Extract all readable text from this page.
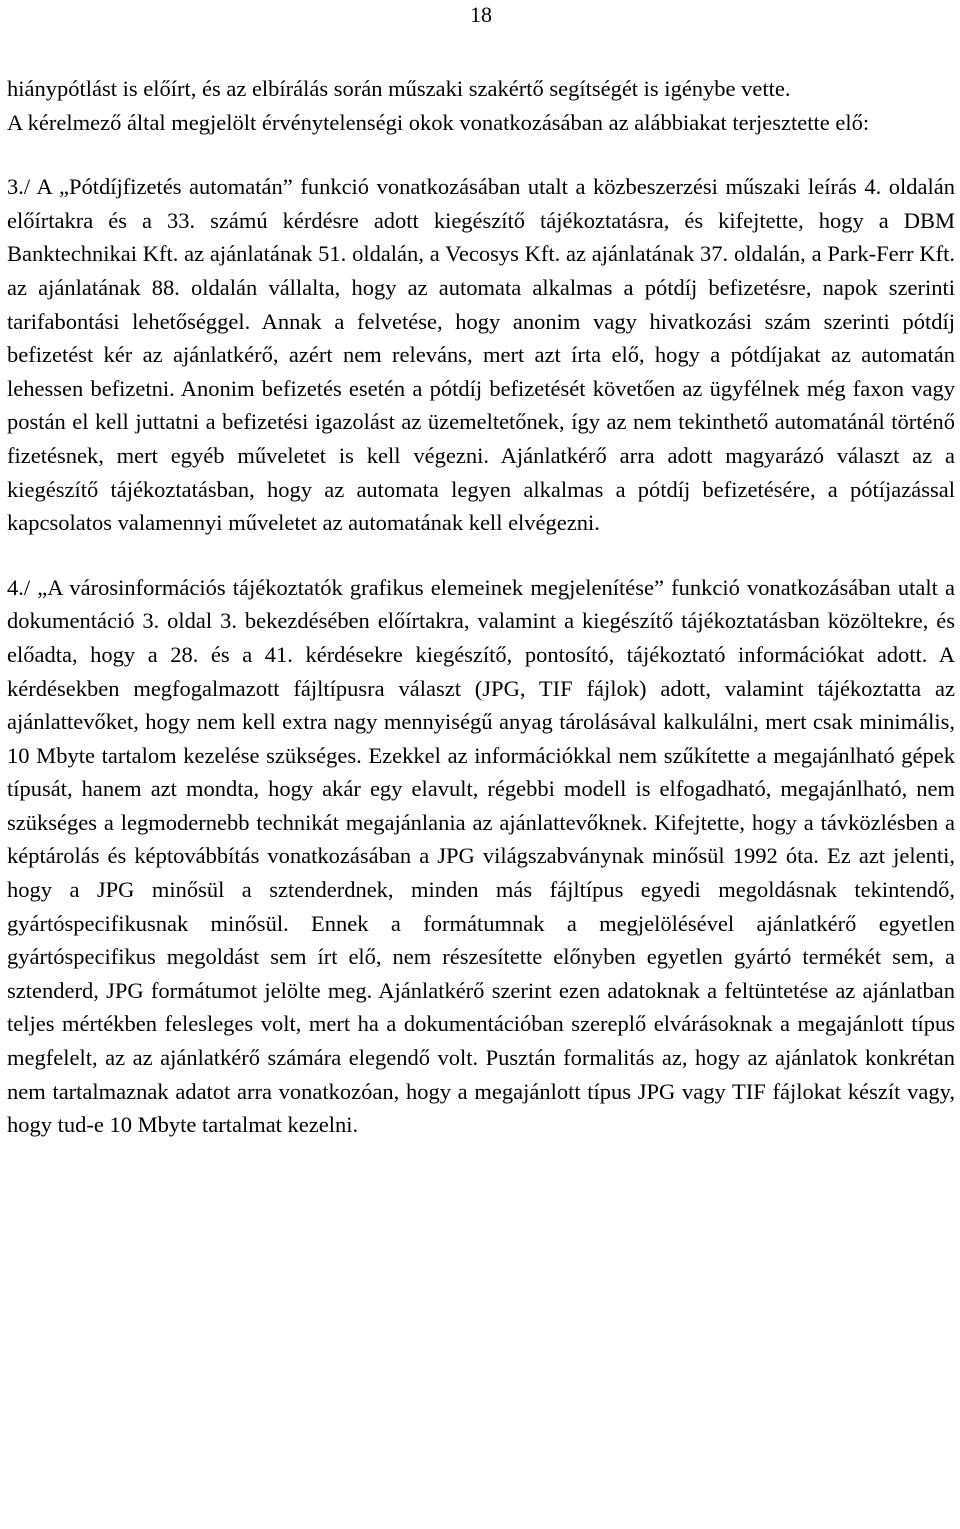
18

hiánypótlást is előírt, és az elbírálás során műszaki szakértő segítségét is igénybe vette.

A kérelmező által megjelölt érvénytelenségi okok vonatkozásában az alábbiakat terjesztette elő:

3./ A „Pótdíjfizetés automatán” funkció vonatkozásában utalt a közbeszerzési műszaki leírás 4. oldalán előírtakra és a 33. számú kérdésre adott kiegészítő tájékoztatásra, és kifejtette, hogy a DBM Banktechnikai Kft. az ajánlatának 51. oldalán, a Vecosys Kft. az ajánlatának 37. oldalán, a Park-Ferr Kft. az ajánlatának 88. oldalán vállalta, hogy az automata alkalmas a pótdíj befizetésre, napok szerinti tarifabontási lehetőséggel. Annak a felvetése, hogy anonim vagy hivatkozási szám szerinti pótdíj befizetést kér az ajánlatkérő, azért nem releváns, mert azt írta elő, hogy a pótdíjakat az automatán lehessen befizetni. Anonim befizetés esetén a pótdíj befizetését követően az ügyfélnek még faxon vagy postán el kell juttatni a befizetési igazolást az üzemeltetőnek, így az nem tekinthető automatánál történő fizetésnek, mert egyéb műveletet is kell végezni. Ajánlatkérő arra adott magyarázó választ az a kiegészítő tájékoztatásban, hogy az automata legyen alkalmas a pótdíj befizetésére, a pótíjazással kapcsolatos valamennyi műveletet az automatának kell elvégezni.

4./ „A városinformációs tájékoztatók grafikus elemeinek megjelenítése” funkció vonatkozásában utalt a dokumentáció 3. oldal 3. bekezdésében előírtakra, valamint a kiegészítő tájékoztatásban közöltekre, és előadta, hogy a 28. és a 41. kérdésekre kiegészítő, pontosító, tájékoztató információkat adott. A kérdésekben megfogalmazott fájltípusra választ (JPG, TIF fájlok) adott, valamint tájékoztatta az ajánlattevőket, hogy nem kell extra nagy mennyiségű anyag tárolásával kalkulálni, mert csak minimális, 10 Mbyte tartalom kezelése szükséges. Ezekkel az információkkal nem szűkítette a megajánlható gépek típusát, hanem azt mondta, hogy akár egy elavult, régebbi modell is elfogadható, megajánlható, nem szükséges a legmodernebb technikát megajánlania az ajánlattevőknek. Kifejtette, hogy a távközlésben a képtárolás és képtovábbítás vonatkozásában a JPG világszabványnak minősül 1992 óta. Ez azt jelenti, hogy a JPG minősül a sztenderdnek, minden más fájltípus egyedi megoldásnak tekintendő, gyártóspecifikusnak minősül. Ennek a formátumnak a megjelölésével ajánlatkérő egyetlen gyártóspecifikus megoldást sem írt elő, nem részesítette előnyben egyetlen gyártó termékét sem, a sztenderd, JPG formátumot jelölte meg. Ajánlatkérő szerint ezen adatoknak a feltüntetése az ajánlatban teljes mértékben felesleges volt, mert ha a dokumentációban szereplő elvárásoknak a megajánlott típus megfelelt, az az ajánlatkérő számára elegendő volt. Pusztán formalitás az, hogy az ajánlatok konkrétan nem tartalmaznak adatot arra vonatkozóan, hogy a megajánlott típus JPG vagy TIF fájlokat készít vagy, hogy tud-e 10 Mbyte tartalmat kezelni.
